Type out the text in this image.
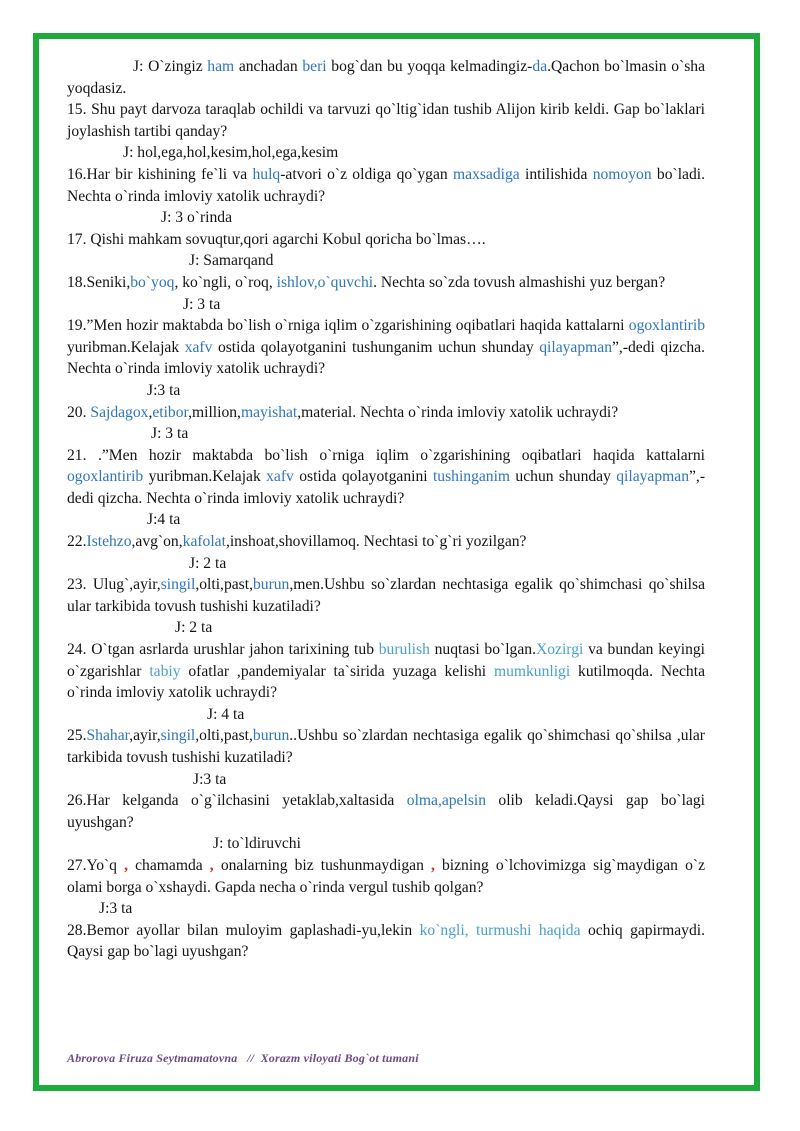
J: O`zingiz ham anchadan beri bog`dan bu yoqqa kelmadingiz-da.Qachon bo`lmasin o`sha yoqdasiz.

15. Shu payt darvoza taraqlab ochildi va tarvuzi qo`ltig`idan tushib Alijon kirib keldi. Gap bo`laklari joylashish tartibi qanday?

J: hol,ega,hol,kesim,hol,ega,kesim

16.Har bir kishining fe`li va hulq-atvori o`z oldiga qo`ygan maxsadiga intilishida nomoyon bo`ladi. Nechta o`rinda imloviy xatolik uchraydi?

J: 3 o`rinda

17. Qishi mahkam sovuqtur,qori agarchi Kobul qoricha bo`lmas….

J: Samarqand

18.Seniki,bo`yoq, ko`ngli, o`roq, ishlov,o`quvchi. Nechta so`zda tovush almashishi yuz bergan?

J: 3 ta

19.”Men hozir maktabda bo`lish o`rniga iqlim o`zgarishining oqibatlari haqida kattalarni ogoxlantirib yuribman.Kelajak xafv ostida qolayotganini tushunganim uchun shunday qilayapman”,-dedi qizcha. Nechta o`rinda imloviy xatolik uchraydi?

J:3 ta

20. Sajdagox,etibor,million,mayishat,material. Nechta o`rinda imloviy xatolik uchraydi?

J: 3 ta

21. .”Men hozir maktabda bo`lish o`rniga iqlim o`zgarishining oqibatlari haqida kattalarni ogoxlantirib yuribman.Kelajak xafv ostida qolayotganini tushinganim uchun shunday qilayapman”,-dedi qizcha. Nechta o`rinda imloviy xatolik uchraydi?

J:4 ta

22.Istehzo,avg`on,kafolat,inshoat,shovillamoq. Nechtasi to`g`ri yozilgan?

J: 2 ta

23. Ulug`,ayir,singil,olti,past,burun,men.Ushbu so`zlardan nechtasiga egalik qo`shimchasi qo`shilsa ular tarkibida tovush tushishi kuzatiladi?

J: 2 ta

24. O`tgan asrlarda urushlar jahon tarixining tub burulish nuqtasi bo`lgan.Xozirgi va bundan keyingi o`zgarishlar tabiy ofatlar ,pandemiyalar ta`sirida yuzaga kelishi mumkunligi kutilmoqda. Nechta o`rinda imloviy xatolik uchraydi?

J: 4 ta

25.Shahar,ayir,singil,olti,past,burun..Ushbu so`zlardan nechtasiga egalik qo`shimchasi qo`shilsa ,ular tarkibida tovush tushishi kuzatiladi?

J:3 ta

26.Har kelganda o`g`ilchasini yetaklab,xaltasida olma,apelsin olib keladi.Qaysi gap bo`lagi uyushgan?

J: to`ldiruvchi

27.Yo`q , chamamda , onalarning biz tushunmaydigan , bizning o`lchovimizga sig`maydigan o`z olami borga o`xshaydi. Gapda necha o`rinda vergul tushib qolgan?

J:3 ta

28.Bemor ayollar bilan muloyim gaplashadi-yu,lekin ko`ngli, turmushi haqida ochiq gapirmaydi. Qaysi gap bo`lagi uyushgan?

Abrorova Firuza Seytmamatovna // Xorazm viloyati Bog`ot tumani
